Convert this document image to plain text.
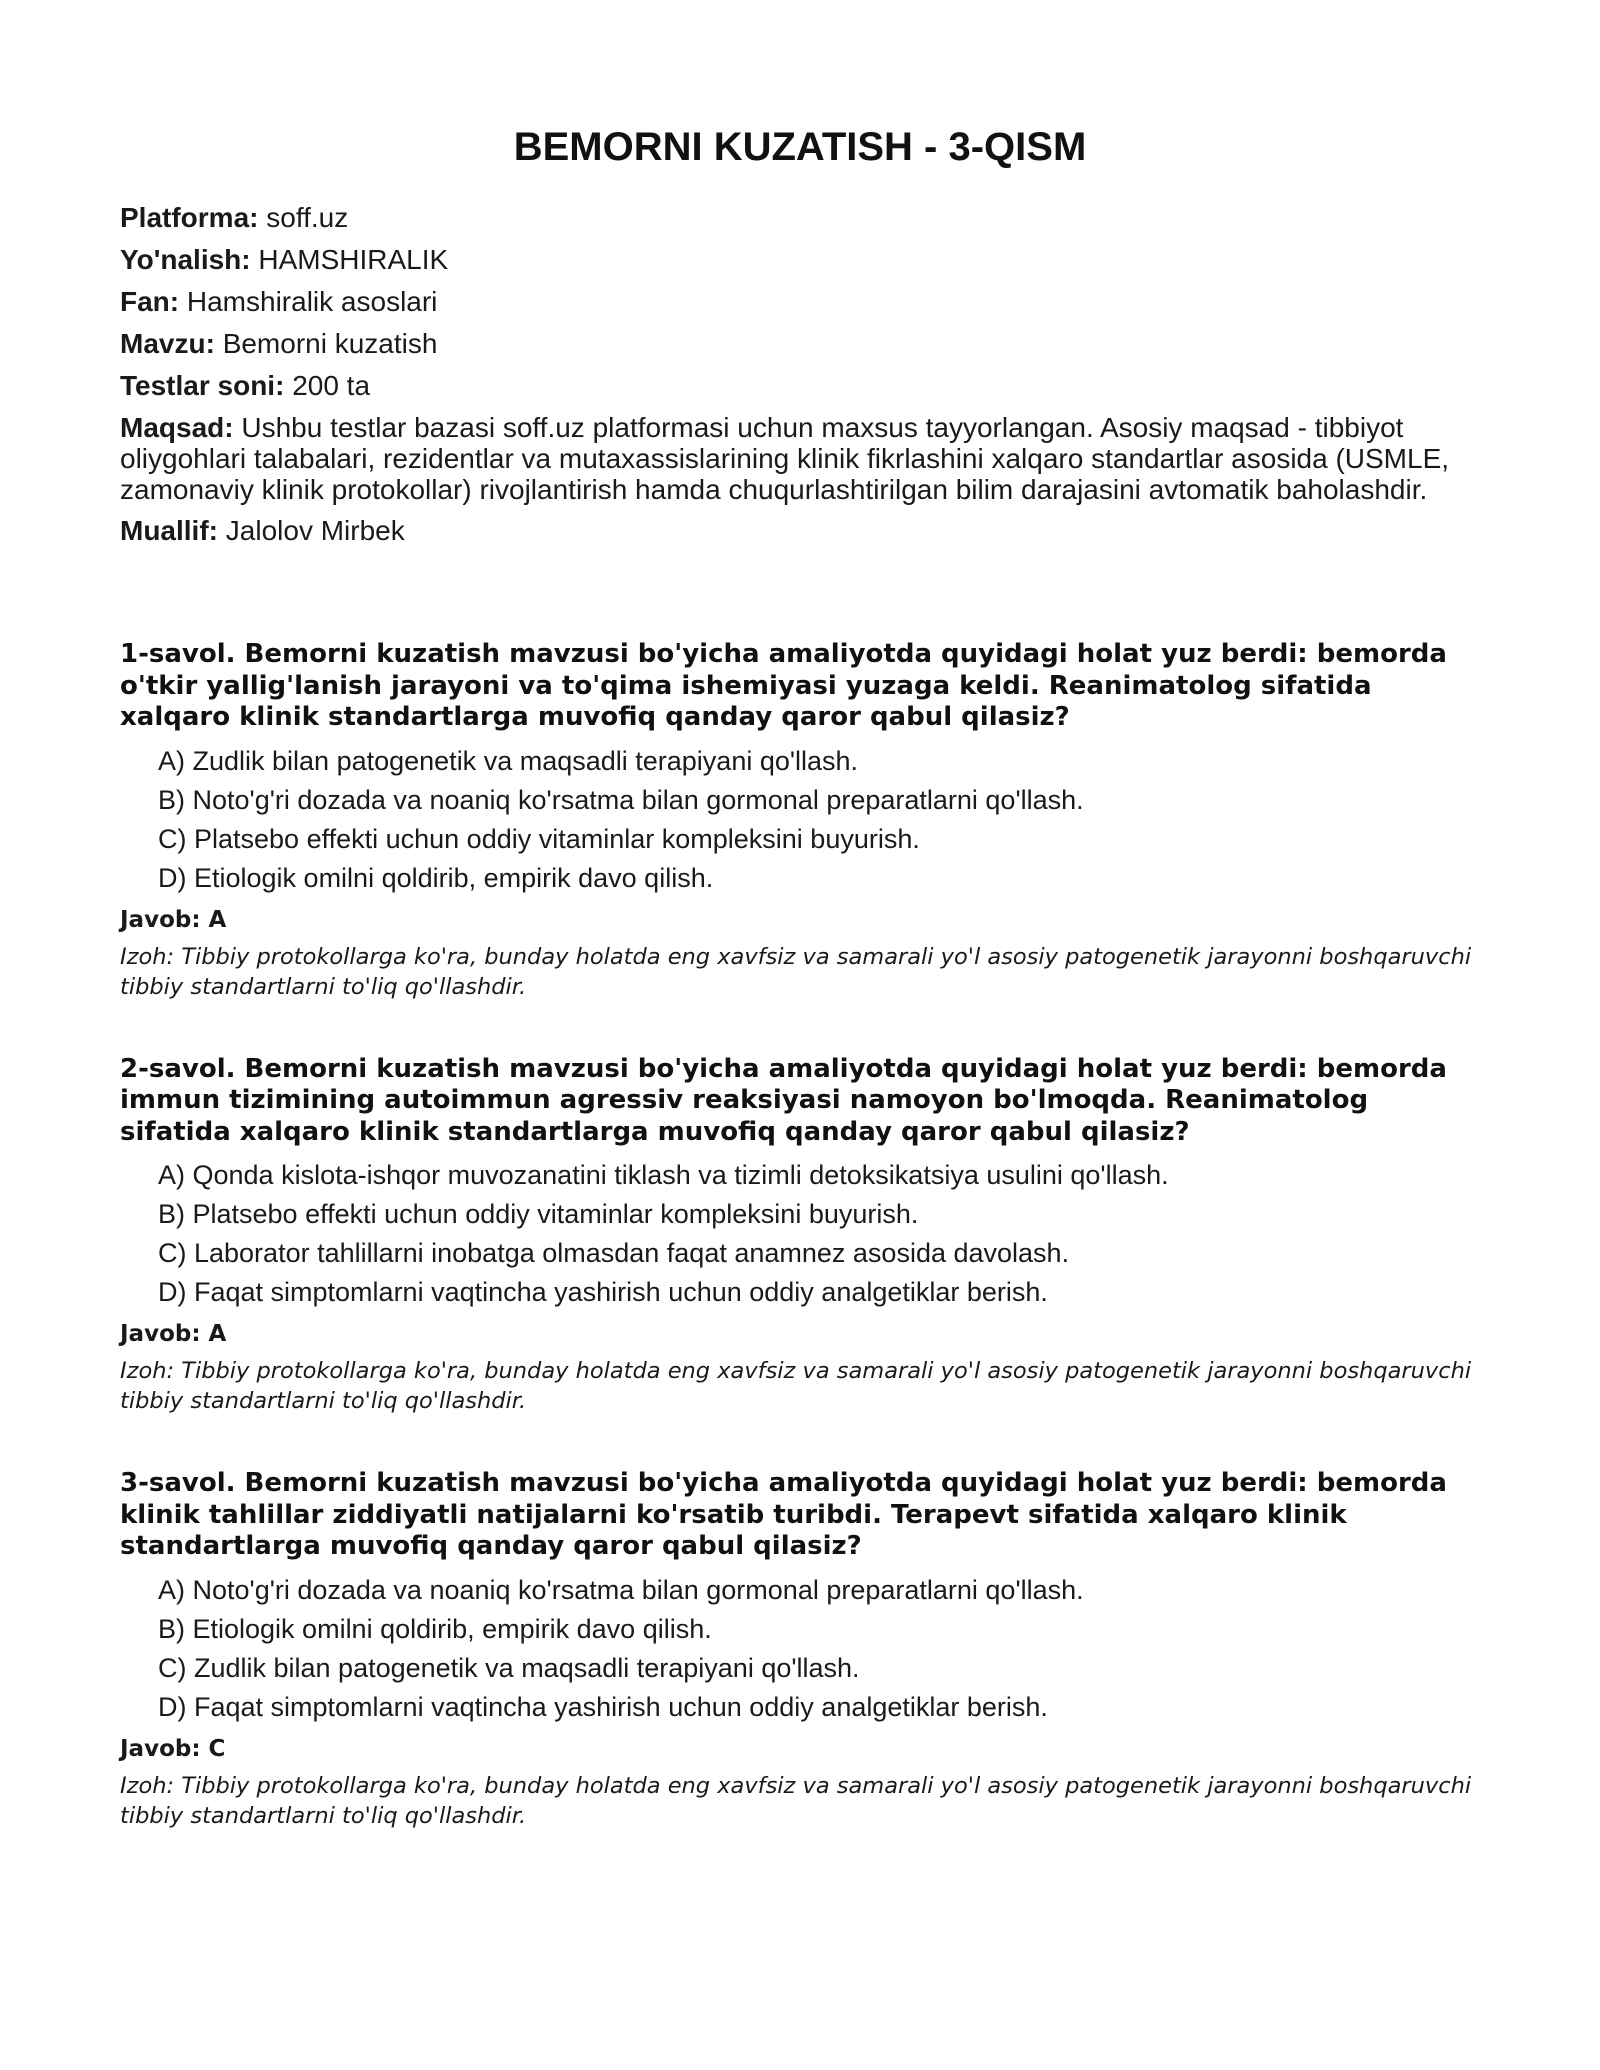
BEMORNI KUZATISH - 3-QISM
Platforma: soff.uz
Yo'nalish: HAMSHIRALIK
Fan: Hamshiralik asoslari
Mavzu: Bemorni kuzatish
Testlar soni: 200 ta
Maqsad: Ushbu testlar bazasi soff.uz platformasi uchun maxsus tayyorlangan. Asosiy maqsad - tibbiyot oliygohlari talabalari, rezidentlar va mutaxassislarining klinik fikrlashini xalqaro standartlar asosida (USMLE, zamonaviy klinik protokollar) rivojlantirish hamda chuqurlashtirilgan bilim darajasini avtomatik baholashdir.
Muallif: Jalolov Mirbek
1-savol. Bemorni kuzatish mavzusi bo'yicha amaliyotda quyidagi holat yuz berdi: bemorda o'tkir yallig'lanish jarayoni va to'qima ishemiyasi yuzaga keldi. Reanimatolog sifatida xalqaro klinik standartlarga muvofiq qanday qaror qabul qilasiz?
A) Zudlik bilan patogenetik va maqsadli terapiyani qo'llash.
B) Noto'g'ri dozada va noaniq ko'rsatma bilan gormonal preparatlarni qo'llash.
C) Platsebo effekti uchun oddiy vitaminlar kompleksini buyurish.
D) Etiologik omilni qoldirib, empirik davo qilish.
Javob: A
Izoh: Tibbiy protokollarga ko'ra, bunday holatda eng xavfsiz va samarali yo'l asosiy patogenetik jarayonni boshqaruvchi tibbiy standartlarni to'liq qo'llashdir.
2-savol. Bemorni kuzatish mavzusi bo'yicha amaliyotda quyidagi holat yuz berdi: bemorda immun tizimining autoimmun agressiv reaksiyasi namoyon bo'lmoqda. Reanimatolog sifatida xalqaro klinik standartlarga muvofiq qanday qaror qabul qilasiz?
A) Qonda kislota-ishqor muvozanatini tiklash va tizimli detoksikatsiya usulini qo'llash.
B) Platsebo effekti uchun oddiy vitaminlar kompleksini buyurish.
C) Laborator tahlillarni inobatga olmasdan faqat anamnez asosida davolash.
D) Faqat simptomlarni vaqtincha yashirish uchun oddiy analgetiklar berish.
Javob: A
Izoh: Tibbiy protokollarga ko'ra, bunday holatda eng xavfsiz va samarali yo'l asosiy patogenetik jarayonni boshqaruvchi tibbiy standartlarni to'liq qo'llashdir.
3-savol. Bemorni kuzatish mavzusi bo'yicha amaliyotda quyidagi holat yuz berdi: bemorda klinik tahlillar ziddiyatli natijalarni ko'rsatib turibdi. Terapevt sifatida xalqaro klinik standartlarga muvofiq qanday qaror qabul qilasiz?
A) Noto'g'ri dozada va noaniq ko'rsatma bilan gormonal preparatlarni qo'llash.
B) Etiologik omilni qoldirib, empirik davo qilish.
C) Zudlik bilan patogenetik va maqsadli terapiyani qo'llash.
D) Faqat simptomlarni vaqtincha yashirish uchun oddiy analgetiklar berish.
Javob: C
Izoh: Tibbiy protokollarga ko'ra, bunday holatda eng xavfsiz va samarali yo'l asosiy patogenetik jarayonni boshqaruvchi tibbiy standartlarni to'liq qo'llashdir.
